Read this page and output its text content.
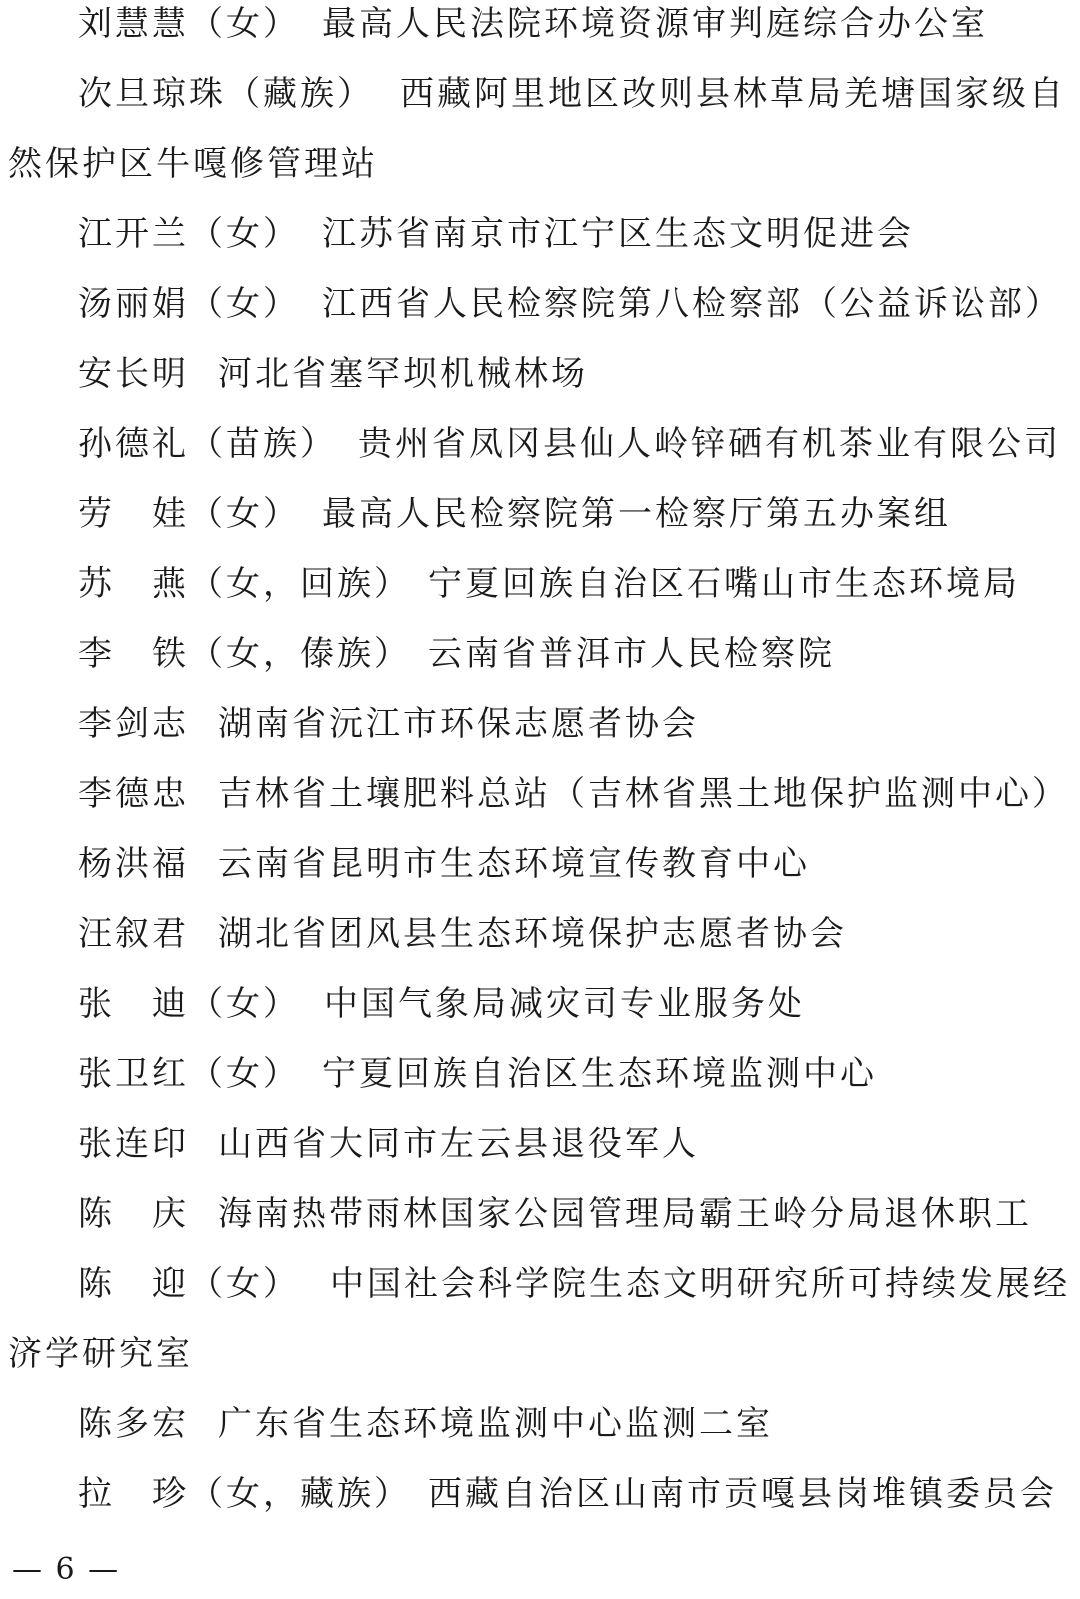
刘慧慧（女） 最高人民法院环境资源审判庭综合办公室
次旦琼珠（藏族） 西藏阿里地区改则县林草局羌塘国家级自
然保护区牛嘎修管理站
江开兰（女） 江苏省南京市江宁区生态文明促进会
汤丽娟（女） 江西省人民检察院第八检察部（公益诉讼部）
安长明 河北省塞罕坝机械林场
孙德礼（苗族） 贵州省凤冈县仙人岭锌硒有机茶业有限公司
劳　娃（女） 最高人民检察院第一检察厅第五办案组
苏　燕（女，回族） 宁夏回族自治区石嘴山市生态环境局
李　铁（女，傣族） 云南省普洱市人民检察院
李剑志 湖南省沅江市环保志愿者协会
李德忠 吉林省土壤肥料总站（吉林省黑土地保护监测中心）
杨洪福 云南省昆明市生态环境宣传教育中心
汪叙君 湖北省团风县生态环境保护志愿者协会
张　迪（女） 中国气象局减灾司专业服务处
张卫红（女） 宁夏回族自治区生态环境监测中心
张连印 山西省大同市左云县退役军人
陈　庆 海南热带雨林国家公园管理局霸王岭分局退休职工
陈　迎（女） 中国社会科学院生态文明研究所可持续发展经
济学研究室
陈多宏 广东省生态环境监测中心监测二室
拉　珍（女，藏族） 西藏自治区山南市贡嘎县岗堆镇委员会
— 6 —
